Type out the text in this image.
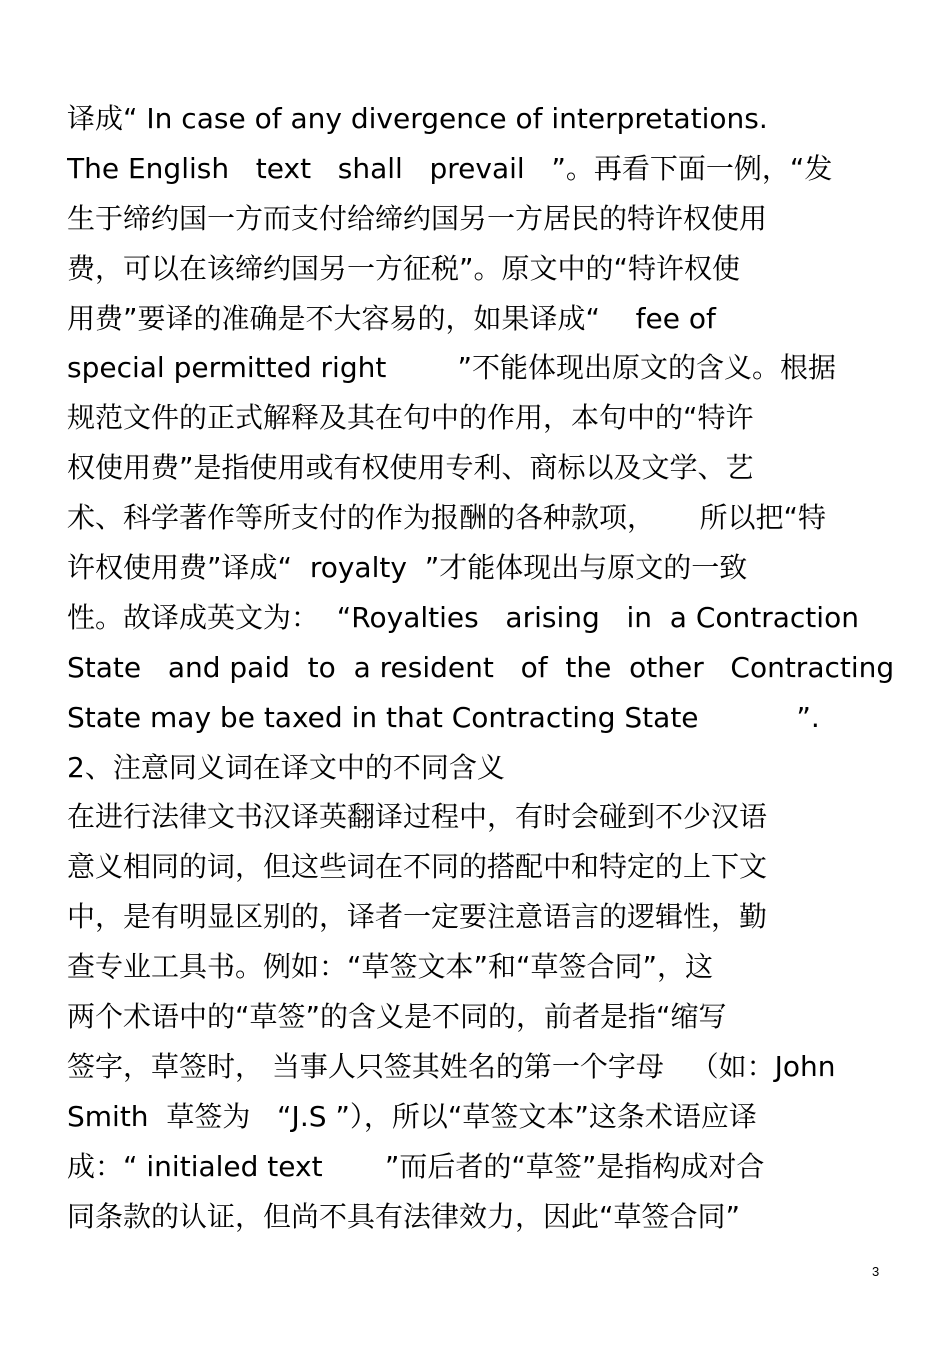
译成“ In case of any divergence of interpretations.
The English   text   shall   prevail   ”。再看下面一例，“发
生于缔约国一方而支付给缔约国另一方居民的特许权使用
费，可以在该缔约国另一方征税”。原文中的“特许权使
用费”要译的准确是不大容易的，如果译成“    fee of
special permitted right        ”不能体现出原文的含义。根据
规范文件的正式解释及其在句中的作用，本句中的“特许
权使用费”是指使用或有权使用专利、商标以及文学、艺
术、科学著作等所支付的作为报酬的各种款项，     所以把“特
许权使用费”译成“  royalty  ”才能体现出与原文的一致
性。故译成英文为：  “Royalties   arising   in  a Contraction
State   and paid  to  a resident   of  the  other   Contracting
State may be taxed in that Contracting State           ”.
2、注意同义词在译文中的不同含义
在进行法律文书汉译英翻译过程中，有时会碰到不少汉语
意义相同的词，但这些词在不同的搭配中和特定的上下文
中，是有明显区别的，译者一定要注意语言的逻辑性，勤
查专业工具书。例如：“草签文本”和“草签合同”，这
两个术语中的“草签”的含义是不同的，前者是指“缩写
签字，草签时， 当事人只签其姓名的第一个字母   （如：John
Smith  草签为   “J.S ”），所以“草签文本”这条术语应译
成：“ initialed text       ”而后者的“草签”是指构成对合
同条款的认证，但尚不具有法律效力，因此“草签合同”
3
